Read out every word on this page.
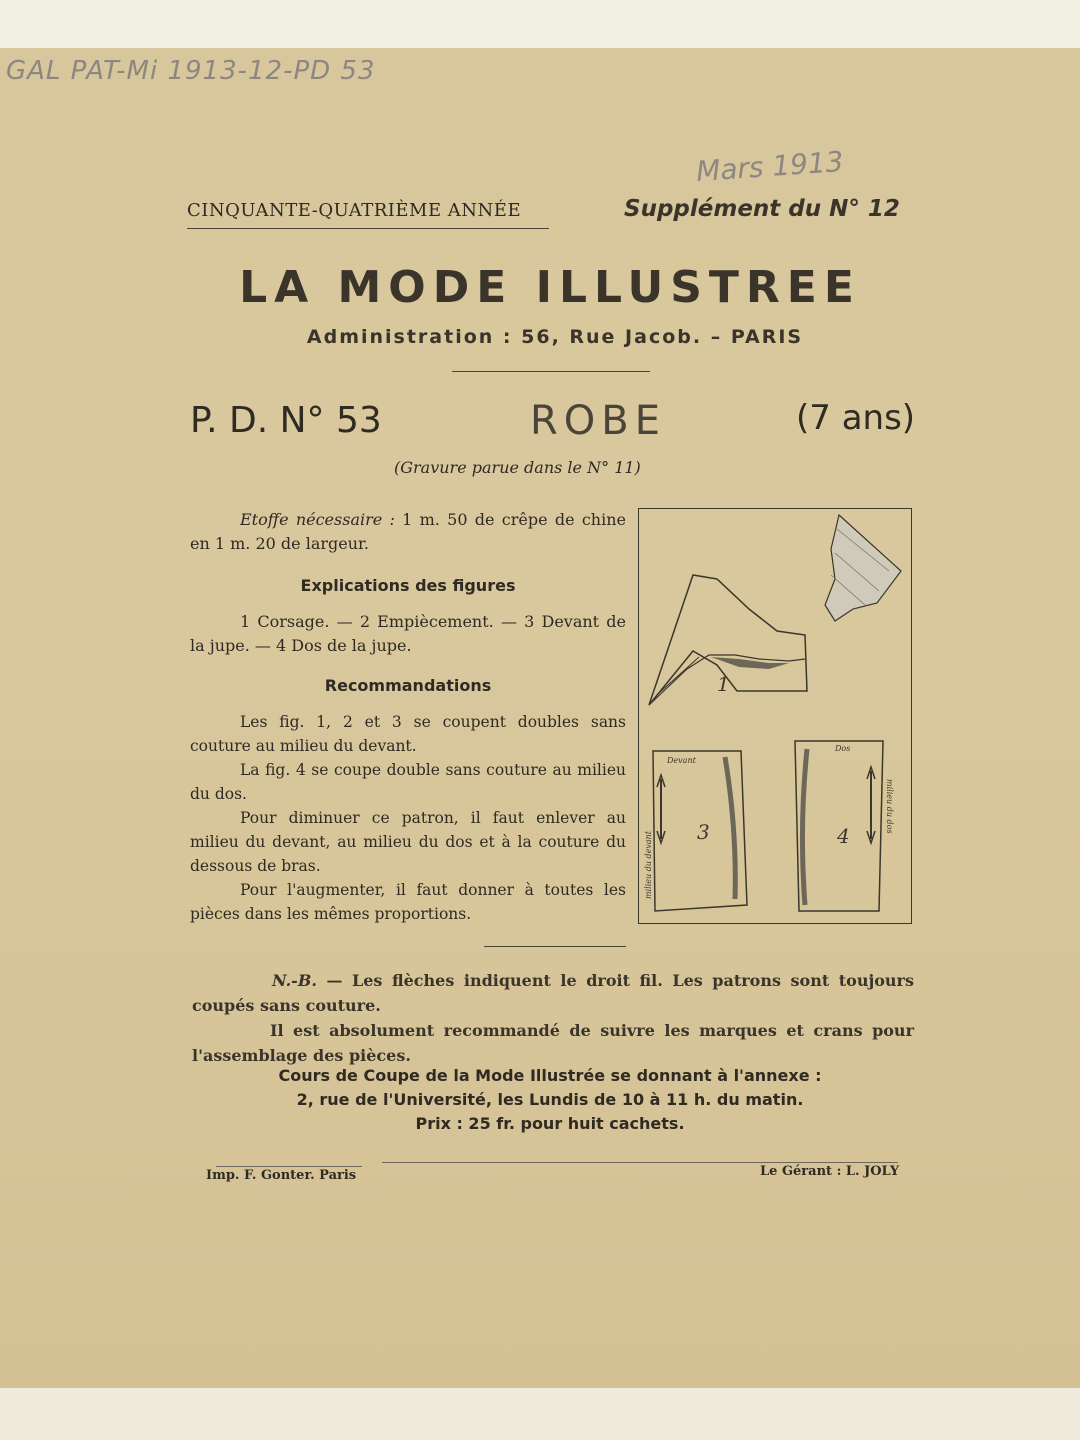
GAL PAT-Mi 1913-12-PD 53
Mars 1913
CINQUANTE-QUATRIÈME ANNÉE	Supplément du N° 12
LA MODE ILLUSTREE
Administration : 56, Rue Jacob. – PARIS
P. D. N° 53	ROBE	(7 ans)
(Gravure parue dans le N° 11)
Etoffe nécessaire : 1 m. 50 de crêpe de chine en 1 m. 20 de largeur.
Explications des figures
1 Corsage. — 2 Empiècement. — 3 Devant de la jupe. — 4 Dos de la jupe.
Recommandations
Les fig. 1, 2 et 3 se coupent doubles sans couture au milieu du devant.
La fig. 4 se coupe double sans couture au milieu du dos.
Pour diminuer ce patron, il faut enlever au milieu du devant, au milieu du dos et à la couture du dessous de bras.
Pour l'augmenter, il faut donner à toutes les pièces dans les mêmes proportions.
1
3
Devant
milieu du devant	4
Dos
milieu du dos
N.-B. — Les flèches indiquent le droit fil. Les patrons sont toujours coupés sans couture.
Il est absolument recommandé de suivre les marques et crans pour l'assemblage des pièces.
Cours de Coupe de la Mode Illustrée se donnant à l'annexe :
2, rue de l'Université, les Lundis de 10 à 11 h. du matin.
Prix : 25 fr. pour huit cachets.
Imp. F. Gonter. Paris	Le Gérant : L. JOLY
